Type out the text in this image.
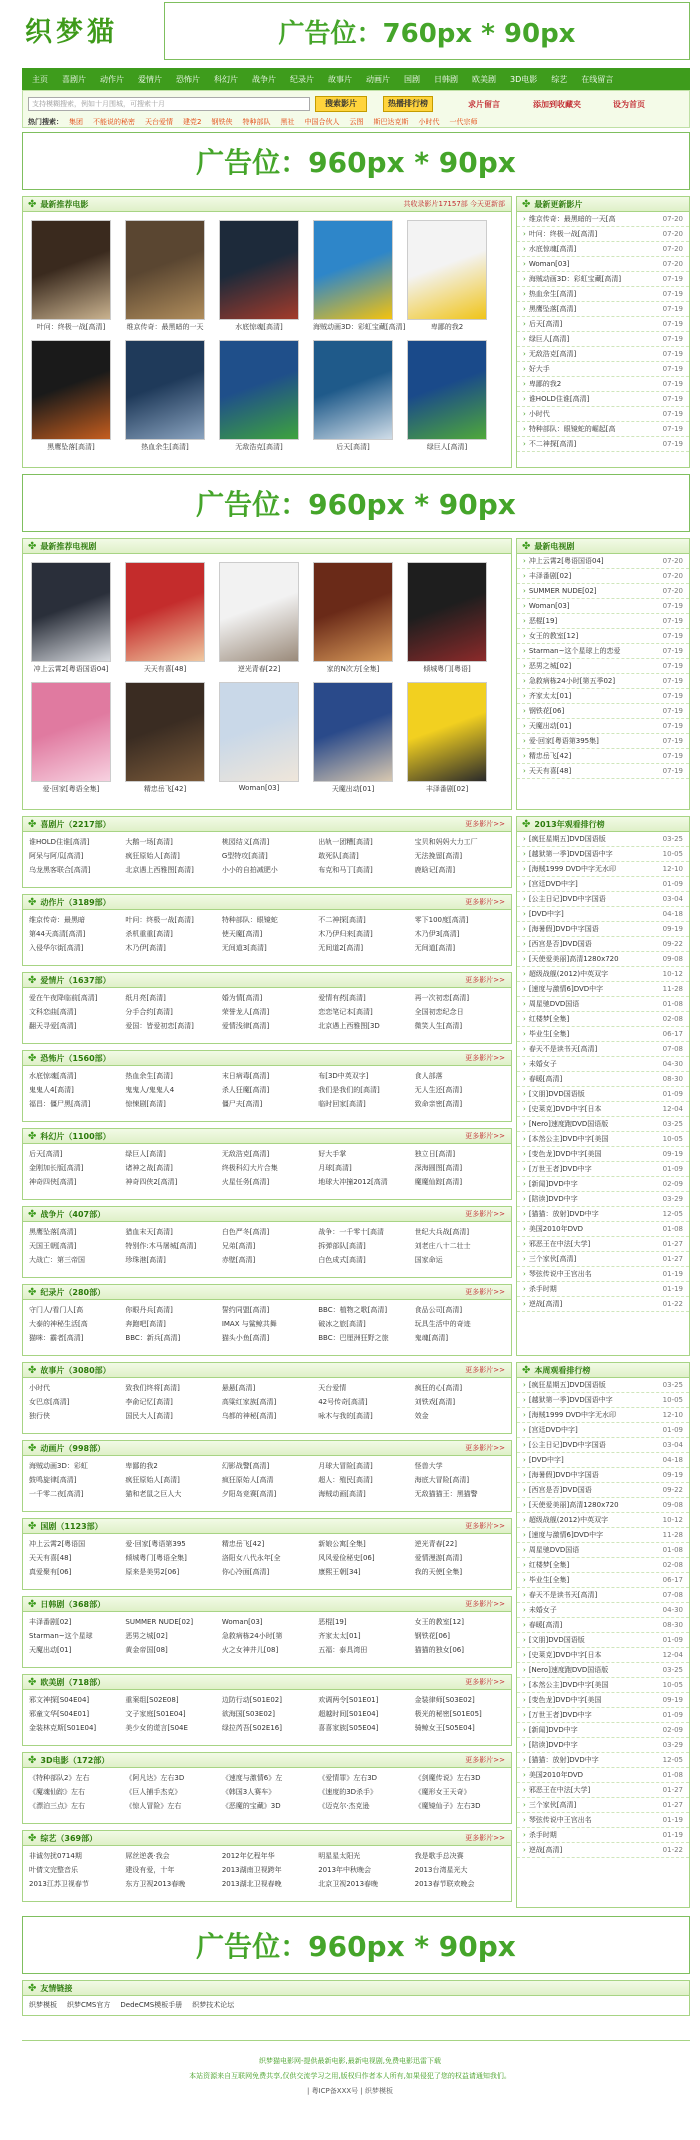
织梦猫	广告位：760px * 90px
主页 喜剧片 动作片 爱情片 恐怖片 科幻片 战争片 纪录片 故事片 动画片 国剧 日韩剧 欧美剧 3D电影 综艺 在线留言
支持模糊搜索，例如十月围城，可搜索十月	搜索影片	热播排行榜	求片留言	添加到收藏夹	设为首页
热门搜索： 集团 不能说的秘密 天台爱情 建党2 钢铁侠 特种部队 黑社 中国合伙人 云图 斯巴达克斯 小时代 一代宗师
广告位：960px * 90px
✤ 最新推荐电影	共收录影片17157部 今天更新部
叶问：终极一战[高清]	维京传奇：最黑暗的一天	水底惊魂[高清]	海贼动画3D：彩虹宝藏[高清]	卑鄙的我2
黑鹰坠落[高清]	热血余生[高清]	无敌浩克[高清]	后天[高清]	绿巨人[高清]
✤ 最新更新影片
› 维京传奇：最黑暗的一天[高	07-20
› 叶问：终极一战[高清]	07-20
› 水底惊魂[高清]	07-20
› Woman[03]	07-20
› 海贼动画3D：彩虹宝藏[高清]	07-19
› 热血余生[高清]	07-19
› 黑鹰坠落[高清]	07-19
› 后天[高清]	07-19
› 绿巨人[高清]	07-19
› 无敌浩克[高清]	07-19
› 好大手	07-19
› 卑鄙的我2	07-19
› 谁HOLD住谁[高清]	07-19
› 小时代	07-19
› 特种部队：眼镜蛇的崛起[高	07-19
› 不二神探[高清]	07-19
广告位：960px * 90px
✤ 最新推荐电视剧
冲上云霄2[粤语国语04]	天天有喜[48]	逆光青春[22]	家的N次方[全集]	倾城粤门[粤语]
爱·回家[粤语全集]	精忠岳飞[42]	Woman[03]	天魔出动[01]	丰泽番剧[02]
✤ 最新电视剧
› 冲上云霄2[粤语国语04]	07-20
› 丰泽番剧[02]	07-20
› SUMMER NUDE[02]	07-20
› Woman[03]	07-19
› 恶棍[19]	07-19
› 女王的教室[12]	07-19
› Starman~这个星球上的恋爱	07-19
› 恶男之城[02]	07-19
› 急救病栋24小时[第五季02]	07-19
› 齐家太太[01]	07-19
› 钢铁花[06]	07-19
› 天魔出动[01]	07-19
› 爱·回家[粤语第395集]	07-19
› 精忠岳飞[42]	07-19
› 天天有喜[48]	07-19
✤ 喜剧片（2217部）	更多影片>>
谁HOLD住谁[高清]	大鹅一场[高清]	桃园结义[高清]	出轨一团糟[高清]	宝贝和妈妈大力工厂
阿呆与阿瓜[高清]	疯狂原始人[高清]	G型特攻[高清]	敢死队[高清]	无法挽留[高清]
乌龙黑客联合[高清]	北京遇上西雅图[高清]	小小的自拍减肥小	布克和马丁[高清]	鹿晗记[高清]
✤ 动作片（3189部）	更多影片>>
维京传奇：最黑暗	叶问：终极一战[高清]	特种部队：眼镜蛇	不二神探[高清]	零下100度[高清]
第44天高清[高清]	杀机重重[高清]	使天魔[高清]	木乃伊归来[高清]	木乃伊3[高清]
入侵华尔街[高清]	木乃伊[高清]	无间道3[高清]	无间道2[高清]	无间道[高清]
✤ 爱情片（1637部）	更多影片>>
爱在午夜降临前[高清]	纸月亮[高清]	婚为情[高清]	爱情有药[高清]	再一次初恋[高清]
文科恋曲[高清]	分手合约[高清]	荣誉龙人[高清]	恋恋笔记本[高清]	全国初恋纪念日
翻天寻爱[高清]	爱国：皆爱初恋[高清]	爱情浅律[高清]	北京遇上西雅图[3D	微笑人生[高清]
✤ 恐怖片（1560部）	更多影片>>
水底惊魂[高清]	热血余生[高清]	末日病毒[高清]	布[3D中英双字]	食人部落
鬼鬼人4[高清]	鬼鬼人/鬼鬼人4	杀人狂魔[高清]	我们是我们的[高清]	无人生还[高清]
福昌：僵尸黑[高清]	惊悚剧[高清]	僵尸夫[高清]	临时回家[高清]	致命亲密[高清]
✤ 科幻片（1100部）	更多影片>>
后天[高清]	绿巨人[高清]	无敌浩克[高清]	好大手掌	独立日[高清]
金刚加长版[高清]	诸神之战[高清]	终极科幻大片合集	月球[高清]	深海圆图[高清]
神奇四侠[高清]	神奇四侠2[高清]	火星任务[高清]	地球大冲撞2012[高清	魔魔仙踪[高清]
✤ 战争片（407部）	更多影片>>
黑鹰坠落[高清]	猎血末天[高清]	白色严冬[高清]	战争：一千零十[高清	世纪大兵战[高清]
天国王朝[高清]	特别作:木马屠城[高清]	兄弟[高清]	拆弹部队[高清]	刘老庄八十二壮士
大战亡：第三帝国	珍珠港[高清]	赤壁[高清]	白色成式[高清]	国家命运
✤ 纪录片（280部）	更多影片>>
守门人/看门人[高	你眼丹兵[高清]	誓约同盟[高清]	BBC：植物之歌[高清]	食品公司[高清]
大泰的神秘生活[高	奔跑吧[高清]	IMAX 与鲨鲸共舞	破冰之旅[高清]	玩具生活中的奇迹
猫咪：霸者[高清]	BBC：新兵[高清]	猫头小鱼[高清]	BBC：巴厘洲狂野之旅	鬼魂[高清]
✤ 故事片（3080部）	更多影片>>
小时代	致我们终将[高清]	悬悬[高清]	天台爱情	疯狂的心[高清]
女巴彦[高清]	李俞记忆[高清]	高粱红家族[高清]	42号传奇[高清]	刘铁戏[高清]
独行侠	国民大人[高清]	乌都的神秘[高清]	咏木与我的[高清]	效金
✤ 动画片（998部）	更多影片>>
海贼动画3D：彩虹	卑鄙的我2	幻影战警[高清]	月球大冒险[高清]	怪兽大学
鼓鸣旋律[高清]	疯狂原始人[高清]	疯狂原始人[高清	超人：殖民[高清]	海底大冒险[高清]
一千零二夜[高清]	猫和老鼠之巨人大	夕阳岛竞赛[高清]	海贼动画[高清]	无敌猫猫王：黑猫警
✤ 国剧（1123部）	更多影片>>
冲上云霄2[粤语国	爱·回家[粤语第395	精忠岳飞[42]	新娘公寓[全集]	逆光青春[22]
天天有喜[48]	倾城粤门[粤语全集]	洛阳女八代永年[全	风风爱俭秘史[06]	爱情漫游[高清]
真爱聚有[06]	原来是美男2[06]	你心冷面[高清]	康熙王朝[34]	我的天使[全集]
✤ 日韩剧（368部）	更多影片>>
丰泽番剧[02]	SUMMER NUDE[02]	Woman[03]	恶棍[19]	女王的教室[12]
Starman~这个星球	恶男之城[02]	急救病栋24小时[第	齐家太太[01]	钢铁花[06]
天魔出动[01]	黄金帝国[08]	火之女神井儿[08]	五福：泰具湾田	猫猫的独女[06]
✤ 欧美剧（718部）	更多影片>>
邪文神探[S04E04]	重案组[S02E08]	边防行动[S01E02]	欢调两令[S01E01]	金装律师[S03E02]
邪童文华[S04E01]	文子家庭[S01E04]	欲海国[S03E02]	超越时间[S01E04]	极光的秘密[S01E05]
金装林克斯[S01E04]	美少女的谎言[S04E	绿拉芮吾[S02E16]	喜喜家族[S05E04]	骑鲸女王[S05E04]
✤ 3D电影（172部）	更多影片>>
《特种部队2》左右	《阿凡达》左右3D	《速度与激情6》左	《爱情罪》左右3D	《剑魔传说》左右3D
《魔魂仙踪》左右	《巨人捕手杰克》	《韩国3人赛车》	《速度的3D杀手》	《魔形女王天奇》
《漂泊三点》左右	《惊人冒险》左右	《恶魔的宝藏》3D	《迈克尔·杰克逊	《魔镜仙子》左右3D
✤ 综艺（369部）	更多影片>>
非诚勿扰0714期	屌丝逆袭·我会	2012年亿程年华	明星星太阳光	我是歌手总决赛
叶倩文完整音乐	建设有爱，十年	2013湖南卫视跨年	2013年中秋晚会	2013台湾星光大
2013江苏卫视春节	东方卫视2013春晚	2013湖北卫视春晚	北京卫视2013春晚	2013春节联欢晚会
✤ 2013年观看排行榜
› [疯狂星期五]DVD国语版	03-25
› [越狱第一季]DVD国语中字	10-05
› [海贼1999 DVD中字无水印	12-10
› [宫廷DVD中字]	01-09
› [公主日记]DVD中字国语	03-04
› [DVD中字]	04-18
› [海暑假]DVD中字国语	09-19
› [西宫是否]DVD国语	09-22
› [天使爱美丽]高清1280x720	09-08
› 超级战舰(2012)中英双字	10-12
› [速度与激情6]DVD中字	11-28
› 周星驰DVD国语	01-08
› 红楼梦[全集]	02-08
› 毕业生[全集]	06-17
› 春天不是读书天[高清]	07-08
› 未婚女子	04-30
› 春暖[高清]	08-30
› [文朋]DVD国语版	01-09
› [史莱克]DVD中字[日本	12-04
› [Nero]速度跑DVD国语版	03-25
› [本然公主]DVD中字[美国	10-05
› [变色龙]DVD中字[美国	09-19
› [万世王者]DVD中字	01-09
› [新闻]DVD中字	02-09
› [陪读]DVD中字	03-29
› [猫猫：放射]DVD中字	12-05
› 美国2010年DVD	01-08
› 邪恶王在中法[大学]	01-27
› 三个家伙[高清]	01-27
› 琴弦传说中王宫出名	01-19
› 杀手时期	01-19
› 逆战[高清]	01-22
✤ 本周观看排行榜
› [疯狂星期五]DVD国语版	03-25
› [越狱第一季]DVD国语中字	10-05
› [海贼1999 DVD中字无水印	12-10
› [宫廷DVD中字]	01-09
› [公主日记]DVD中字国语	03-04
› [DVD中字]	04-18
› [海暑假]DVD中字国语	09-19
› [西宫是否]DVD国语	09-22
› [天使爱美丽]高清1280x720	09-08
› 超级战舰(2012)中英双字	10-12
› [速度与激情6]DVD中字	11-28
› 周星驰DVD国语	01-08
› 红楼梦[全集]	02-08
› 毕业生[全集]	06-17
› 春天不是读书天[高清]	07-08
› 未婚女子	04-30
› 春暖[高清]	08-30
› [文朋]DVD国语版	01-09
› [史莱克]DVD中字[日本	12-04
› [Nero]速度跑DVD国语版	03-25
› [本然公主]DVD中字[美国	10-05
› [变色龙]DVD中字[美国	09-19
› [万世王者]DVD中字	01-09
› [新闻]DVD中字	02-09
› [陪读]DVD中字	03-29
› [猫猫：放射]DVD中字	12-05
› 美国2010年DVD	01-08
› 邪恶王在中法[大学]	01-27
› 三个家伙[高清]	01-27
› 琴弦传说中王宫出名	01-19
› 杀手时期	01-19
› 逆战[高清]	01-22
广告位：960px * 90px
✤ 友情链接
织梦模板 织梦CMS官方 DedeCMS模板手册 织梦技术论坛
织梦猫电影网-提供最新电影,最新电视剧,免费电影迅雷下载
本站资源来自互联网免费共享,仅供交流学习之用,版权归作者本人所有,如果侵犯了您的权益请通知我们。
| 粤ICP备XXX号 | 织梦模板
